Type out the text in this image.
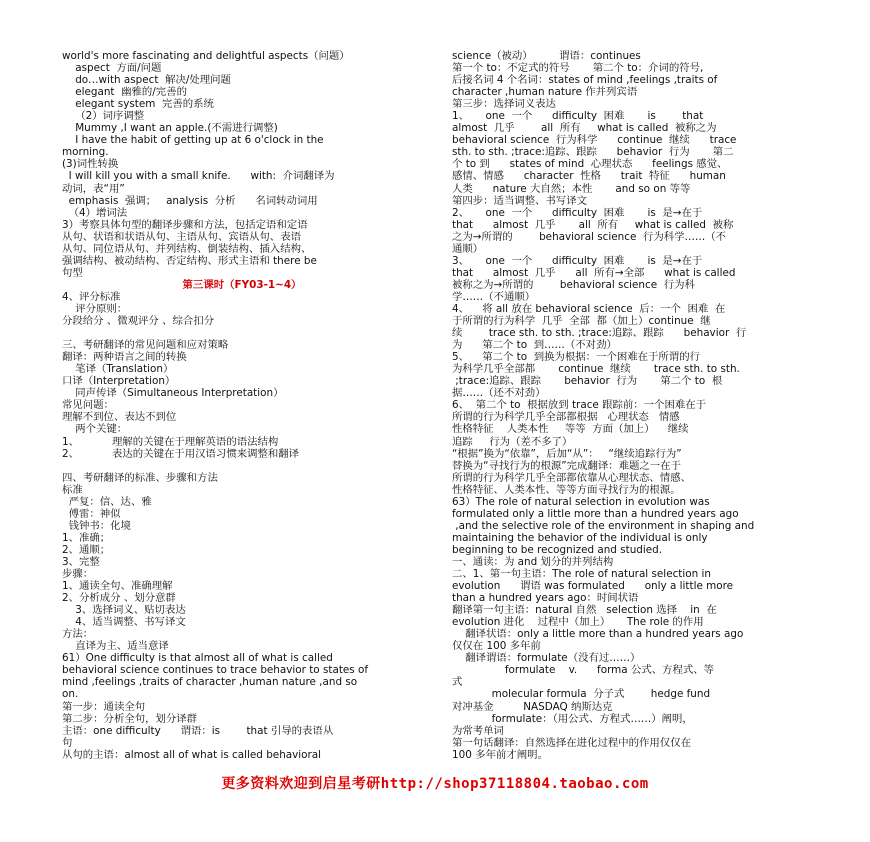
world's more fascinating and delightful aspects（问题）
aspect  方面/问题
do…with aspect  解决/处理问题
elegant  幽雅的/完善的
elegant system  完善的系统
（2）词序调整
Mummy ,I want an apple.(不需进行调整)
I have the habit of getting up at 6 o'clock in the
morning.
(3)词性转换
I will kill you with a small knife.      with:  介词翻译为
动词，表“用”
emphasis  强调；   analysis  分析      名词转动词用
（4）增词法
3）考察具体句型的翻译步骤和方法，包括定语和定语
从句、状语和状语从句、主语从句、宾语从句、表语
从句、同位语从句、并列结构、倒装结构、插入结构、
强调结构、被动结构、否定结构、形式主语和 there be
句型
第三课时（FY03-1~4）
4、评分标准
评分原则：
分段给分 、微观评分 、综合扣分
三、考研翻译的常见问题和应对策略
翻译：两种语言之间的转换
笔译（Translation）
口译（Interpretation）
同声传译（Simultaneous Interpretation）
常见问题：
理解不到位、表达不到位
两个关键：
1、          理解的关键在于理解英语的语法结构
2、          表达的关键在于用汉语习惯来调整和翻译
四、考研翻译的标准、步骤和方法
标准
严复：信、达、雅
傅雷：神似
钱钟书：化境
1、准确；
2、通顺；
3、完整
步骤：
1、通读全句、准确理解
2、分析成分 、划分意群
3、选择词义、贴切表达
4、适当调整、书写译文
方法：
直译为主、适当意译
61）One difficulty is that almost all of what is called
behavioral science continues to trace behavior to states of
mind ,feelings ,traits of character ,human nature ,and so
on.
第一步：通读全句
第二步：分析全句，划分译群
主语：one difficulty      谓语：is        that 引导的表语从
句
从句的主语：almost all of what is called behavioral
science（被动）        谓语：continues
第一个 to：不定式的符号       第二个 to：介词的符号,
后接名词 4 个名词：states of mind ,feelings ,traits of
character ,human nature 作并列宾语
第三步：选择词义表达
1、     one  一个      difficulty  困难       is        that
almost  几乎        all  所有     what is called  被称之为
behavioral science  行为科学      continue  继续      trace
sth. to sth. ;trace:追踪、跟踪      behavior  行为       第二
个 to 到      states of mind  心理状态      feelings 感觉、
感情、情感      character  性格      trait  特征      human
人类      nature 大自然；本性       and so on 等等
第四步：适当调整、书写译文
2、     one  一个      difficulty  困难       is  是→在于
that      almost  几乎       all  所有     what is called  被称
之为→所谓的        behavioral science  行为科学……（不
通顺）
3、     one  一个      difficulty  困难       is  是→在于
that      almost  几乎      all  所有→全部      what is called
被称之为→所谓的        behavioral science  行为科
学……（不通顺）
4、    将 all 放在 behavioral science  后：一个  困难  在
于所谓的行为科学  几乎  全部  都（加上）continue  继
续        trace sth. to sth. ;trace:追踪、跟踪      behavior  行
为      第二个 to  到……（不对劲）
5、    第二个 to  到换为根据：一个困难在于所谓的行
为科学几乎全部都       continue  继续       trace sth. to sth.
;trace:追踪、跟踪       behavior  行为       第二个 to  根
据……（还不对劲）
6、  第二个 to  根据放到 trace 跟踪前：一个困难在于
所谓的行为科学几乎全部都根据   心理状态   情感
性格特征    人类本性     等等  方面（加上）    继续
追踪     行为（差不多了）
“根据”换为“依靠”，后加“从”：   “继续追踪行为”
替换为“寻找行为的根源”完成翻译：难题之一在于
所谓的行为科学几乎全部都依靠从心理状态、情感、
性格特征、人类本性、等等方面寻找行为的根源。
63）The role of natural selection in evolution was
formulated only a little more than a hundred years ago
,and the selective role of the environment in shaping and
maintaining the behavior of the individual is only
beginning to be recognized and studied.
一、通读：为 and 划分的并列结构
二、1、第一句主语：The role of natural selection in
evolution      谓语 was formulated      only a little more
than a hundred years ago：时间状语
翻译第一句主语：natural 自然   selection 选择    in  在
evolution 进化    过程中（加上）     The role 的作用
翻译状语：only a little more than a hundred years ago
仅仅在 100 多年前
翻译谓语：formulate（没有过……）
formulate    v.      forma 公式、方程式、等
式
molecular formula  分子式        hedge fund
对冲基金         NASDAQ 纳斯达克
formulate：（用公式、方程式……）阐明，
为常考单词
第一句话翻译：自然选择在进化过程中的作用仅仅在
100 多年前才阐明。
更多资料欢迎到启星考研http://shop37118804.taobao.com
